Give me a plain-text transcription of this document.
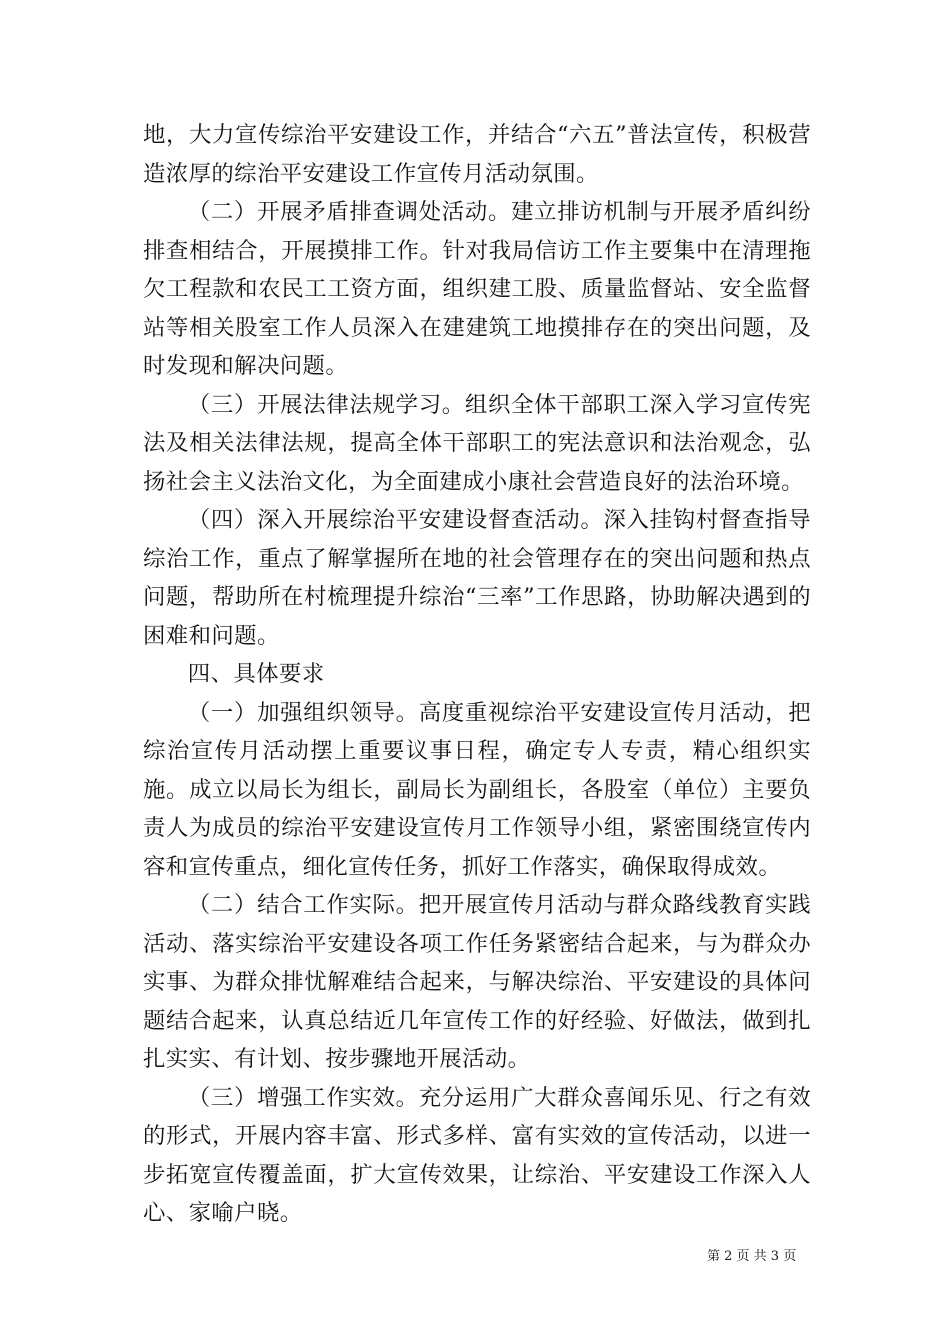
地，大力宣传综治平安建设工作，并结合“六五”普法宣传，积极营造浓厚的综治平安建设工作宣传月活动氛围。

（二）开展矛盾排查调处活动。建立排访机制与开展矛盾纠纷排查相结合，开展摸排工作。针对我局信访工作主要集中在清理拖欠工程款和农民工工资方面，组织建工股、质量监督站、安全监督站等相关股室工作人员深入在建建筑工地摸排存在的突出问题，及时发现和解决问题。

（三）开展法律法规学习。组织全体干部职工深入学习宣传宪法及相关法律法规，提高全体干部职工的宪法意识和法治观念，弘扬社会主义法治文化，为全面建成小康社会营造良好的法治环境。

（四）深入开展综治平安建设督查活动。深入挂钩村督查指导综治工作，重点了解掌握所在地的社会管理存在的突出问题和热点问题，帮助所在村梳理提升综治“三率”工作思路，协助解决遇到的困难和问题。

四、具体要求

（一）加强组织领导。高度重视综治平安建设宣传月活动，把综治宣传月活动摆上重要议事日程，确定专人专责，精心组织实施。成立以局长为组长，副局长为副组长，各股室（单位）主要负责人为成员的综治平安建设宣传月工作领导小组，紧密围绕宣传内容和宣传重点，细化宣传任务，抓好工作落实，确保取得成效。

（二）结合工作实际。把开展宣传月活动与群众路线教育实践活动、落实综治平安建设各项工作任务紧密结合起来，与为群众办实事、为群众排忧解难结合起来，与解决综治、平安建设的具体问题结合起来，认真总结近几年宣传工作的好经验、好做法，做到扎扎实实、有计划、按步骤地开展活动。

（三）增强工作实效。充分运用广大群众喜闻乐见、行之有效的形式，开展内容丰富、形式多样、富有实效的宣传活动，以进一步拓宽宣传覆盖面，扩大宣传效果，让综治、平安建设工作深入人心、家喻户晓。

第 2 页 共 3 页
